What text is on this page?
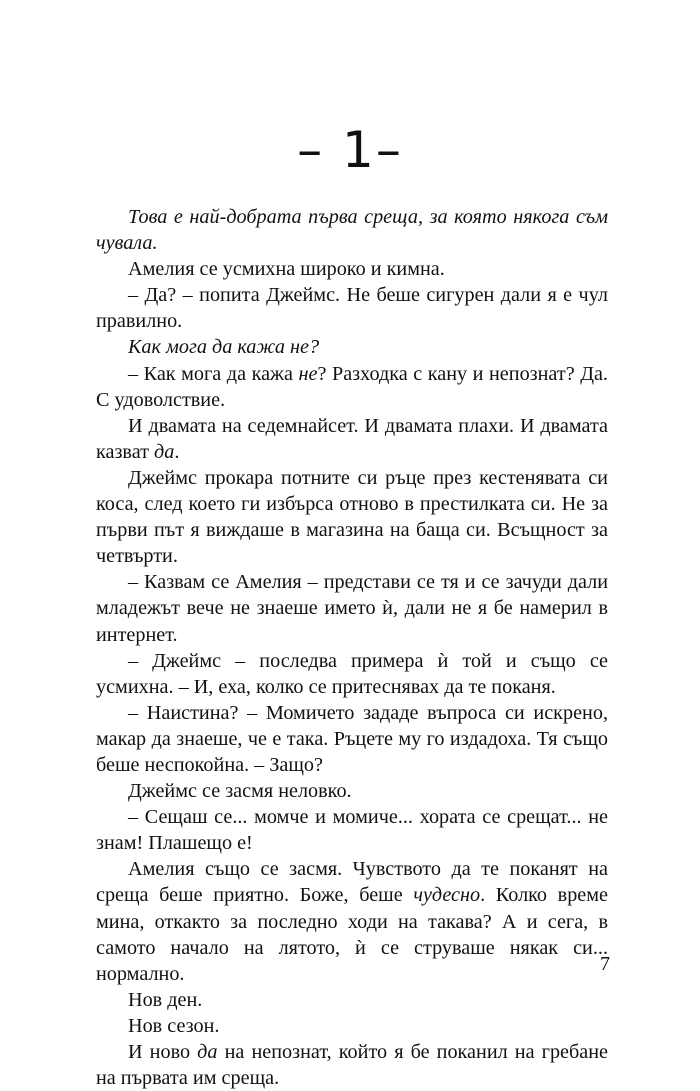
– 1–

Това е най-добрата първа среща, за която някога съм чувала.

Амелия се усмихна широко и кимна.

– Да? – попита Джеймс. Не беше сигурен дали я е чул правилно.

Как мога да кажа не?

– Как мога да кажа не? Разходка с кану и непознат? Да. С удоволствие.

И двамата на седемнайсет. И двамата плахи. И двамата казват да.

Джеймс прокара потните си ръце през кестенявата си коса, след което ги избърса отново в престилката си. Не за първи път я виждаше в магазина на баща си. Всъщност за четвърти.

– Казвам се Амелия – представи се тя и се зачуди дали младежът вече не знаеше името ѝ, дали не я бе намерил в интернет.

– Джеймс – последва примера ѝ той и също се усмихна. – И, еха, колко се притеснявах да те поканя.

– Наистина? – Момичето зададе въпроса си искрено, макар да знаеше, че е така. Ръцете му го издадоха. Тя също беше неспокойна. – Защо?

Джеймс се засмя неловко.

– Сещаш се... момче и момиче... хората се срещат... не знам! Плашещо е!

Амелия също се засмя. Чувството да те поканят на среща беше приятно. Боже, беше чудесно. Колко време мина, откакто за последно ходи на такава? А и сега, в самото начало на лятото, ѝ се струваше някак си... нормално.

Нов ден.

Нов сезон.

И ново да на непознат, който я бе поканил на гребане на първата им среща.

7
